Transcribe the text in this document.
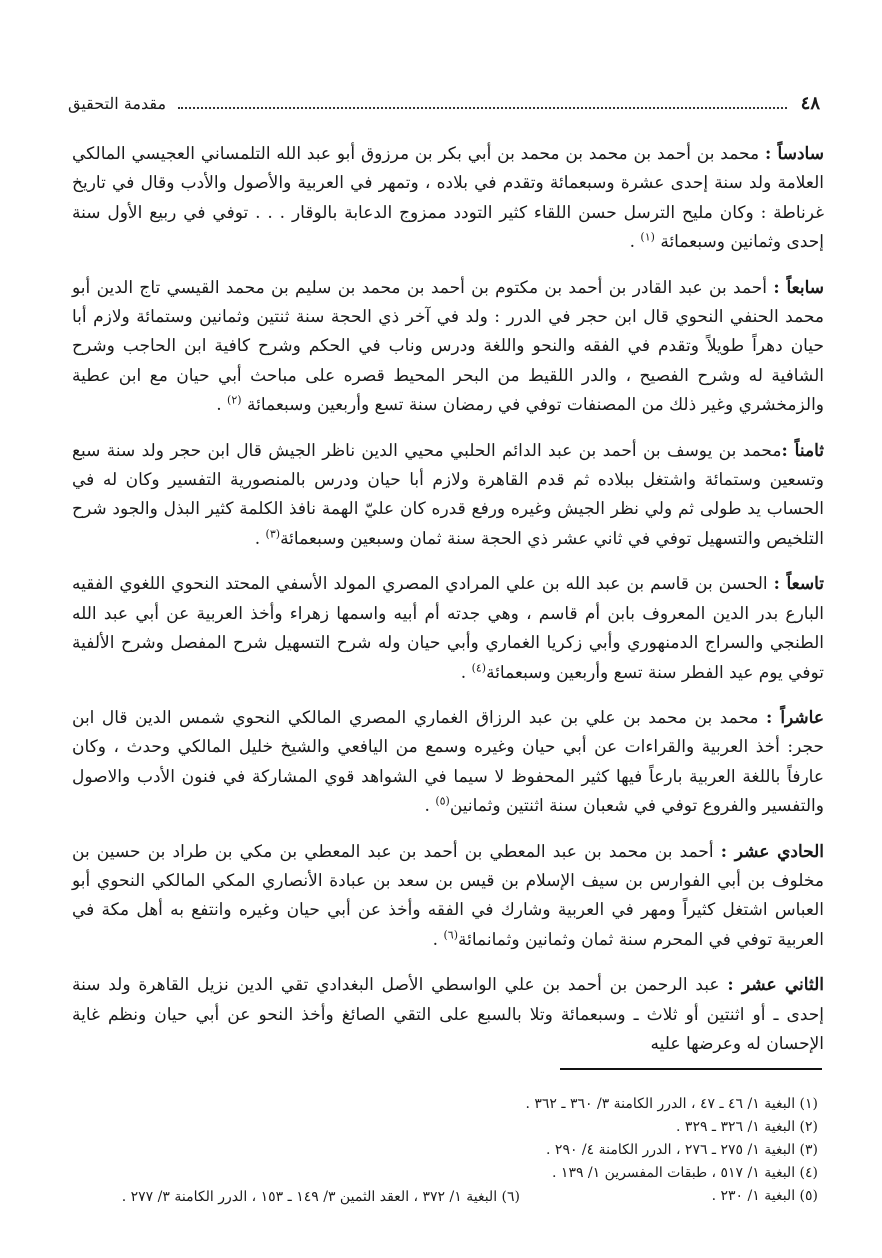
٤٨
مقدمة التحقيق

سادساً : محمد بن أحمد بن محمد بن محمد بن أبي بكر بن مرزوق أبو عبد الله التلمساني العجيسي المالكي العلامة ولد سنة إحدى عشرة وسبعمائة وتقدم في بلاده ، وتمهر في العربية والأصول والأدب وقال في تاريخ غرناطة : وكان مليح الترسل حسن اللقاء كثير التودد ممزوج الدعابة بالوقار . . . توفي في ربيع الأول سنة إحدى وثمانين وسبعمائة $^{(١)}$ .

سابعاً : أحمد بن عبد القادر بن أحمد بن مكتوم بن أحمد بن محمد بن سليم بن محمد القيسي تاج الدين أبو محمد الحنفي النحوي قال ابن حجر في الدرر : ولد في آخر ذي الحجة سنة ثنتين وثمانين وستمائة ولازم أبا حيان دهراً طويلاً وتقدم في الفقه والنحو واللغة ودرس وناب في الحكم وشرح كافية ابن الحاجب وشرح الشافية له وشرح الفصيح ، والدر اللقيط من البحر المحيط قصره على مباحث أبي حيان مع ابن عطية والزمخشري وغير ذلك من المصنفات توفي في رمضان سنة تسع وأربعين وسبعمائة $^{(٢)}$ .

ثامناً :محمد بن يوسف بن أحمد بن عبد الدائم الحلبي محيي الدين ناظر الجيش قال ابن حجر ولد سنة سبع وتسعين وستمائة واشتغل ببلاده ثم قدم القاهرة ولازم أبا حيان ودرس بالمنصورية التفسير وكان له في الحساب يد طولى ثم ولي نظر الجيش وغيره ورفع قدره كان عليّ الهمة نافذ الكلمة كثير البذل والجود شرح التلخيص والتسهيل توفي في ثاني عشر ذي الحجة سنة ثمان وسبعين وسبعمائة$^{(٣)}$ .

تاسعاً : الحسن بن قاسم بن عبد الله بن علي المرادي المصري المولد الأسفي المحتد النحوي اللغوي الفقيه البارع بدر الدين المعروف بابن أم قاسم ، وهي جدته أم أبيه واسمها زهراء وأخذ العربية عن أبي عبد الله الطنجي والسراج الدمنهوري وأبي زكريا الغماري وأبي حيان وله شرح التسهيل شرح المفصل وشرح الألفية توفي يوم عيد الفطر سنة تسع وأربعين وسبعمائة$^{(٤)}$ .

عاشراً : محمد بن محمد بن علي بن عبد الرزاق الغماري المصري المالكي النحوي شمس الدين قال ابن حجر: أخذ العربية والقراءات عن أبي حيان وغيره وسمع من اليافعي والشيخ خليل المالكي وحدث ، وكان عارفاً باللغة العربية بارعاً فيها كثير المحفوظ لا سيما في الشواهد قوي المشاركة في فنون الأدب والاصول والتفسير والفروع توفي في شعبان سنة اثنتين وثمانين$^{(٥)}$ .

الحادي عشر : أحمد بن محمد بن عبد المعطي بن أحمد بن عبد المعطي بن مكي بن طراد بن حسين بن مخلوف بن أبي الفوارس بن سيف الإسلام بن قيس بن سعد بن عبادة الأنصاري المكي المالكي النحوي أبو العباس اشتغل كثيراً ومهر في العربية وشارك في الفقه وأخذ عن أبي حيان وغيره وانتفع به أهل مكة في العربية توفي في المحرم سنة ثمان وثمانين وثمانمائة$^{(٦)}$ .

الثاني عشر : عبد الرحمن بن أحمد بن علي الواسطي الأصل البغدادي تقي الدين نزيل القاهرة ولد سنة إحدى ـ أو اثنتين أو ثلاث ـ وسبعمائة وتلا بالسبع على التقي الصائغ وأخذ النحو عن أبي حيان ونظم غاية الإحسان له وعرضها عليه

(١) البغية ١/ ٤٦ ـ ٤٧ ، الدرر الكامنة ٣/ ٣٦٠ ـ ٣٦٢ .

(٢) البغية ١/ ٣٢٦ ـ ٣٢٩ .

(٣) البغية ١/ ٢٧٥ ـ ٢٧٦ ، الدرر الكامنة ٤/ ٢٩٠ .

(٤) البغية ١/ ٥١٧ ، طبقات المفسرين ١/ ١٣٩ .

(٥) البغية ١/ ٢٣٠ .

(٦) البغية ١/ ٣٧٢ ، العقد الثمين ٣/ ١٤٩ ـ ١٥٣ ، الدرر الكامنة ٣/ ٢٧٧ .
